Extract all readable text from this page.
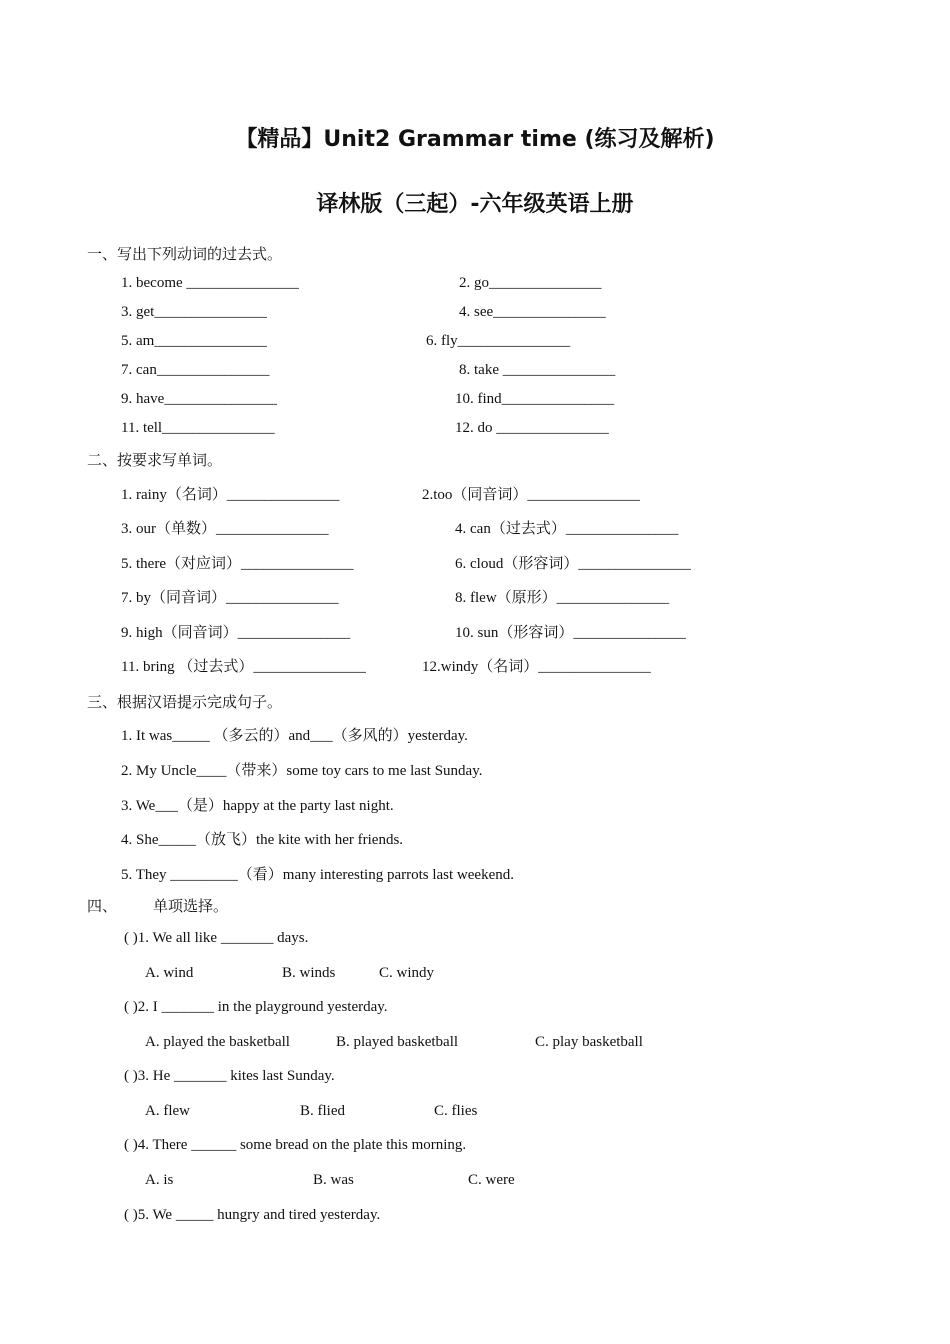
【精品】Unit2 Grammar time (练习及解析)
译林版（三起）-六年级英语上册
一、写出下列动词的过去式。
1. become _______________	2. go_______________
3. get_______________	4. see_______________
5. am_______________	6. fly_______________
7. can_______________	8. take _______________
9. have_______________	10. find_______________
11. tell_______________	12. do _______________
二、按要求写单词。
1. rainy（名词）_______________	2.too（同音词）_______________
3. our（单数）_______________	4. can（过去式）_______________
5. there（对应词）_______________	6. cloud（形容词）_______________
7. by（同音词）_______________	8. flew（原形）_______________
9. high（同音词）_______________	10. sun（形容词）_______________
11. bring （过去式）_______________	12.windy（名词）_______________
三、根据汉语提示完成句子。
1. It was_____ （多云的）and___（多风的）yesterday.
2. My Uncle____（带来）some toy cars to me last Sunday.
3. We___（是）happy at the party last night.
4. She_____（放飞）the kite with her friends.
5. They _________（看）many interesting parrots last weekend.
四、 单项选择。
( )1. We all like _______ days.
A. wind	B. winds	C. windy
( )2. I _______ in the playground yesterday.
A. played the basketball	B. played basketball	C. play basketball
( )3. He _______ kites last Sunday.
A. flew	B. flied	C. flies
( )4. There ______ some bread on the plate this morning.
A. is	B. was	C. were
( )5. We _____ hungry and tired yesterday.
